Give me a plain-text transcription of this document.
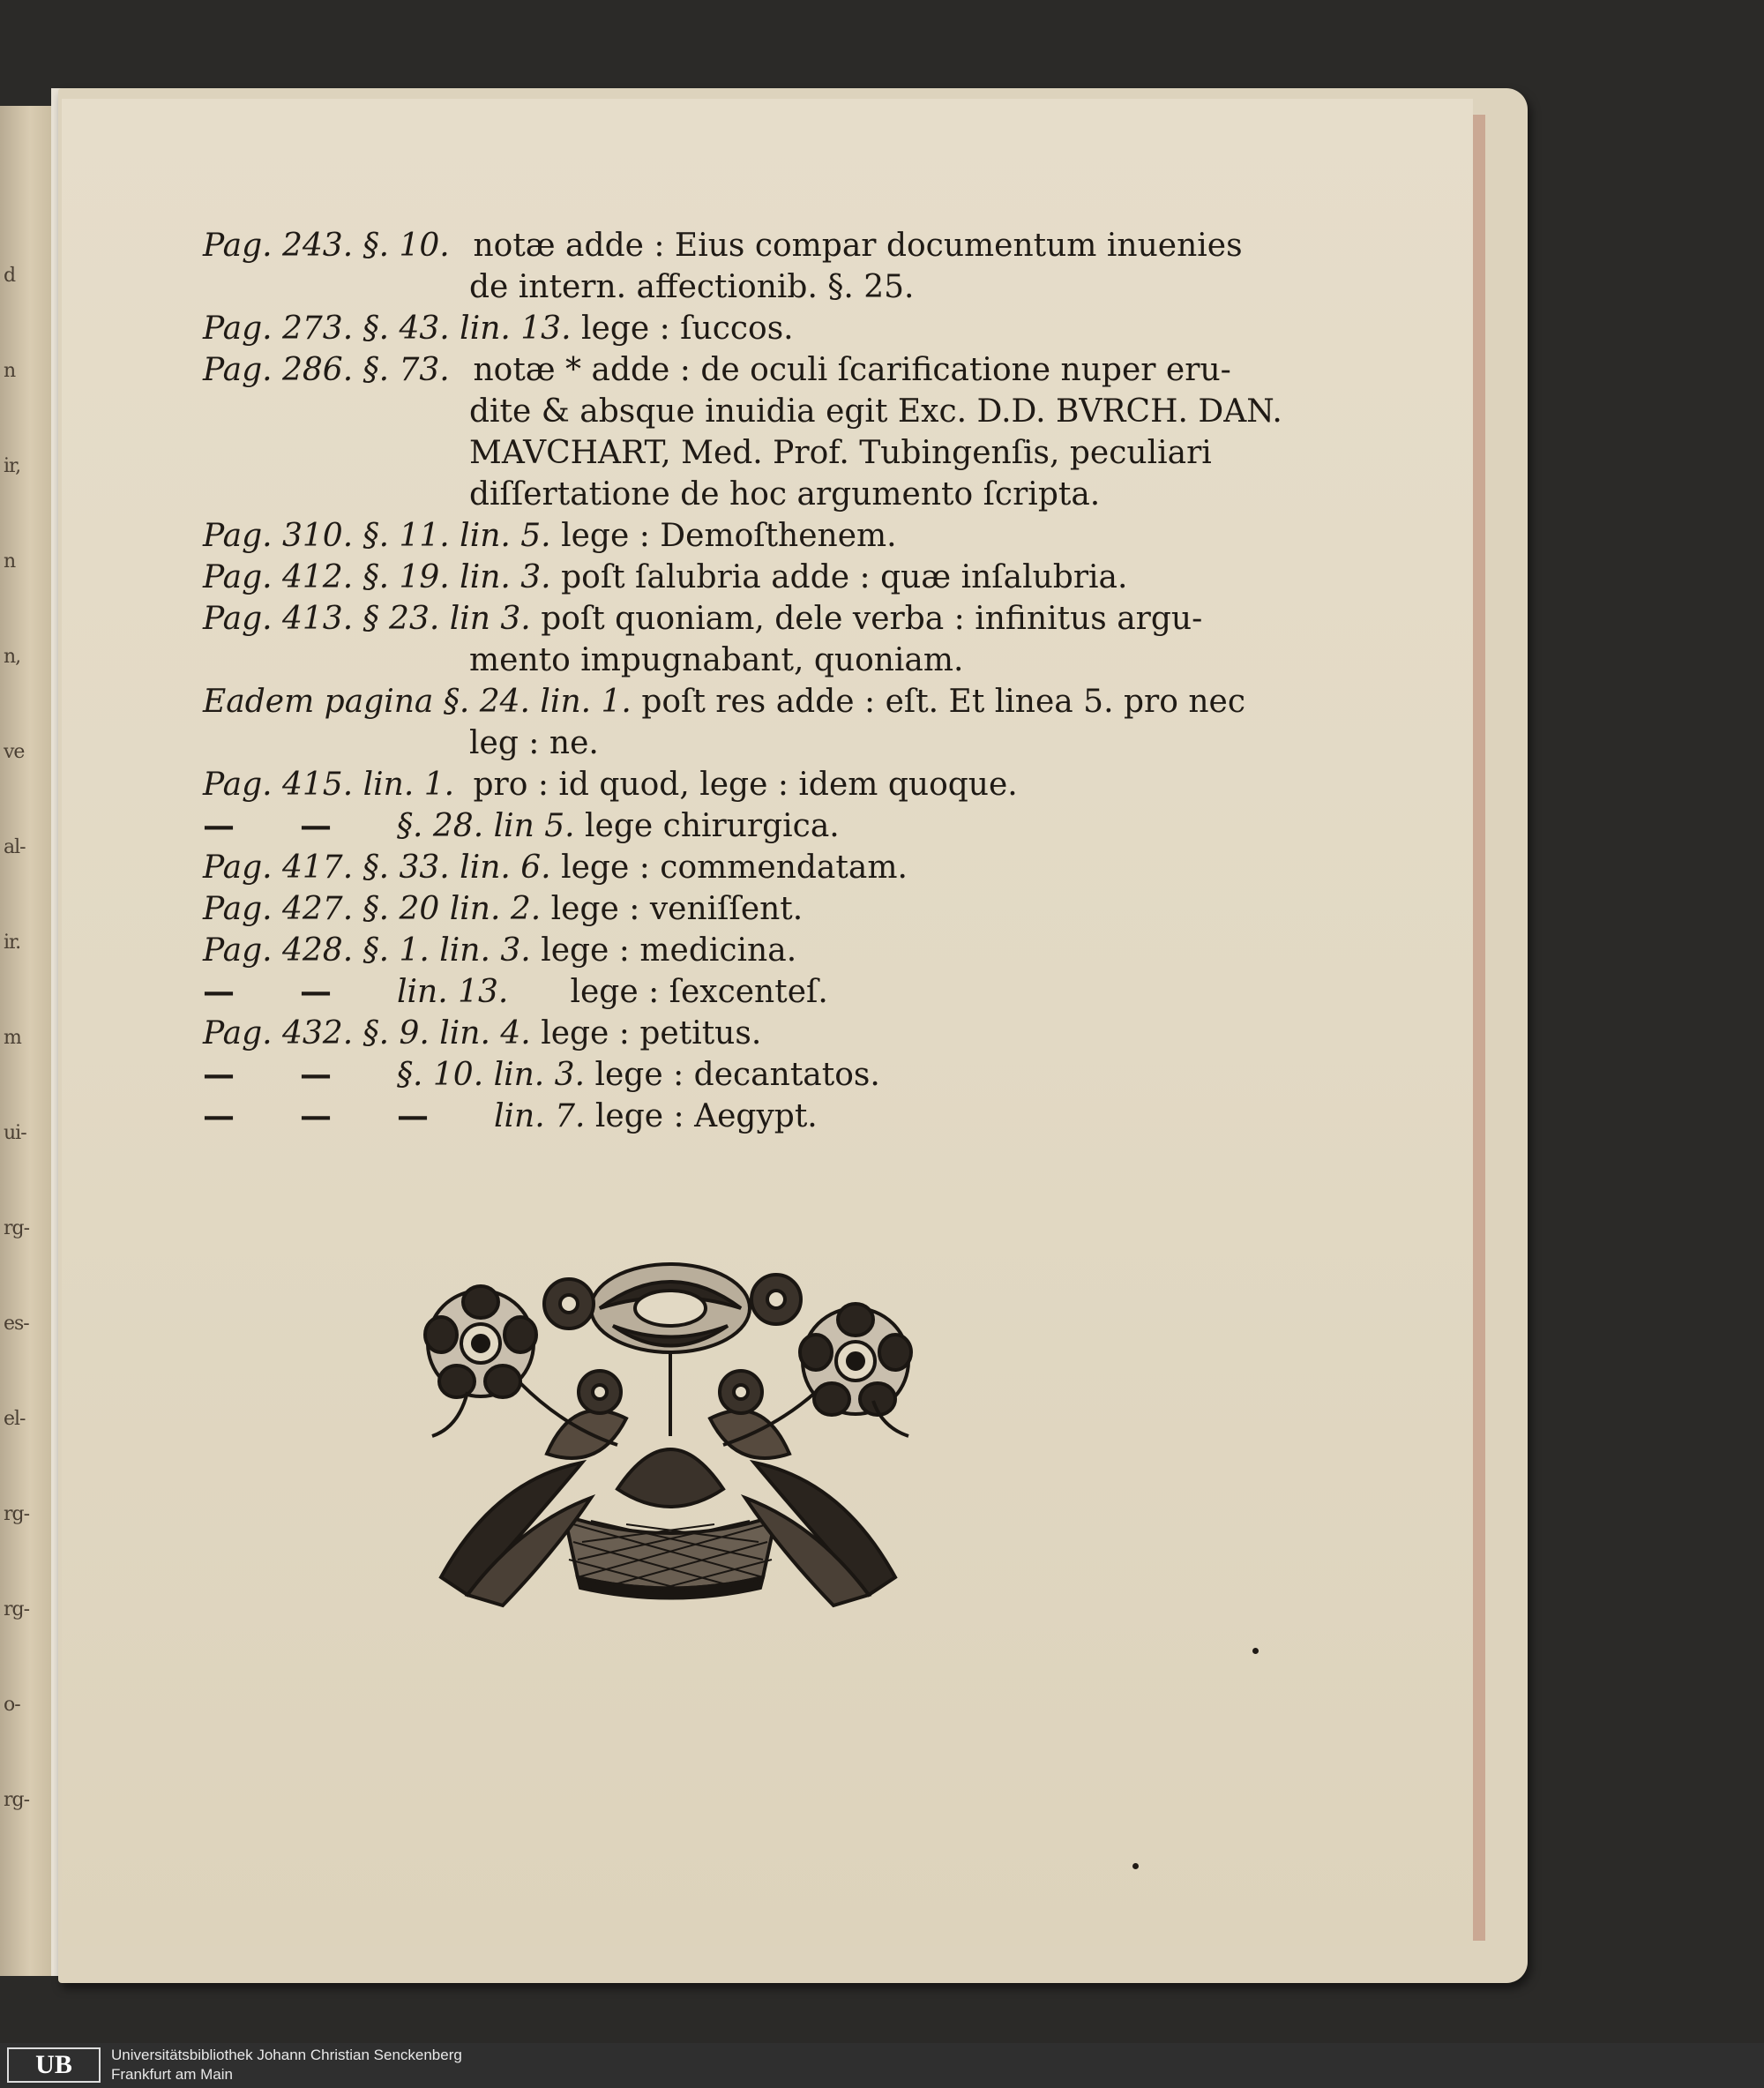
d
n
ir,
n
n,
ve
al-
ir.
m
ui-
rg-
es-
el-
rg-
rg-
o-
rg-
Pag. 243. §. 10. notæ adde : Eius compar documentum inuenies
de intern. affectionib. §. 25.
Pag. 273. §. 43. lin. 13. lege : ſuccos.
Pag. 286. §. 73. notæ * adde : de oculi ſcarificatione nuper eru-
dite & absque inuidia egit Exc. D.D. BVRCH. DAN.
MAVCHART, Med. Prof. Tubingenſis, peculiari
diſſertatione de hoc argumento ſcripta.
Pag. 310. §. 11. lin. 5. lege : Demoſthenem.
Pag. 412. §. 19. lin. 3. poſt ſalubria adde : quæ inſalubria.
Pag. 413. § 23. lin 3. poſt quoniam, dele verba : infinitus argu-
mento impugnabant, quoniam.
Eadem pagina §. 24. lin. 1. poſt res adde : eſt. Et linea 5. pro nec
leg : ne.
Pag. 415. lin. 1. pro : id quod, lege : idem quoque.
— — §. 28. lin 5. lege chirurgica.
Pag. 417. §. 33. lin. 6. lege : commendatam.
Pag. 427. §. 20 lin. 2. lege : veniſſent.
Pag. 428. §. 1. lin. 3. lege : medicina.
— — lin. 13. lege : ſexcenteſ.
Pag. 432. §. 9. lin. 4. lege : petitus.
— — §. 10. lin. 3. lege : decantatos.
— — — lin. 7. lege : Aegypt.
UB	Universitätsbibliothek Johann Christian Senckenberg
Frankfurt am Main
